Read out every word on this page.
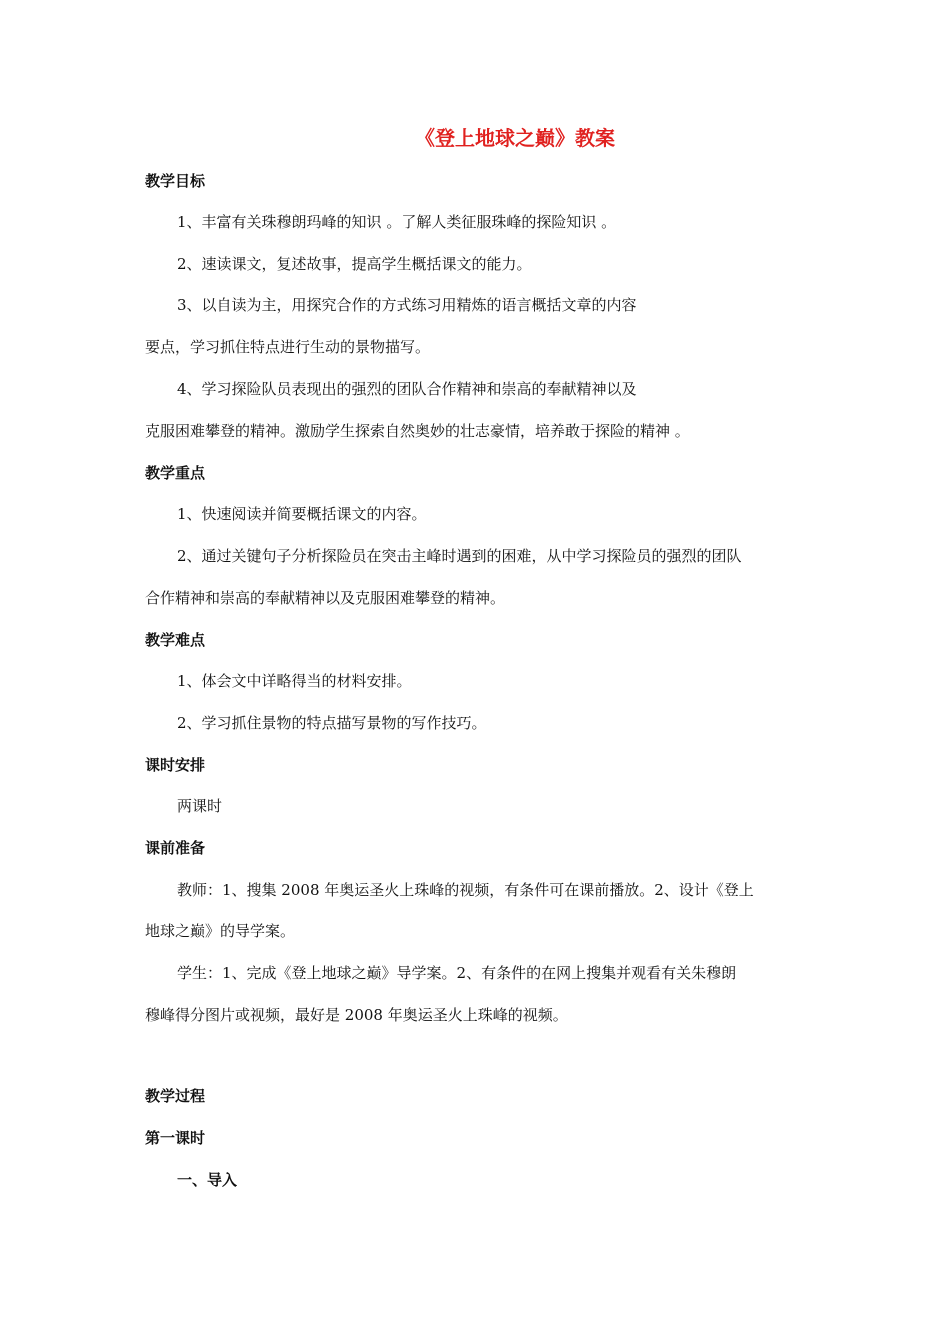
《登上地球之巅》教案
教学目标
1、丰富有关珠穆朗玛峰的知识 。了解人类征服珠峰的探险知识 。
2、速读课文，复述故事，提高学生概括课文的能力。
3、以自读为主，用探究合作的方式练习用精炼的语言概括文章的内容
要点，学习抓住特点进行生动的景物描写。
4、学习探险队员表现出的强烈的团队合作精神和崇高的奉献精神以及
克服困难攀登的精神。激励学生探索自然奥妙的壮志豪情，培养敢于探险的精神 。
教学重点
1、快速阅读并简要概括课文的内容。
2、通过关键句子分析探险员在突击主峰时遇到的困难，从中学习探险员的强烈的团队
合作精神和崇高的奉献精神以及克服困难攀登的精神。
教学难点
1、体会文中详略得当的材料安排。
2、学习抓住景物的特点描写景物的写作技巧。
课时安排
两课时
课前准备
教师：1、搜集 2008 年奥运圣火上珠峰的视频，有条件可在课前播放。2、设计《登上
地球之巅》的导学案。
学生：1、完成《登上地球之巅》导学案。2、有条件的在网上搜集并观看有关朱穆朗
穆峰得分图片或视频，最好是 2008 年奥运圣火上珠峰的视频。
教学过程
第一课时
一、导入
